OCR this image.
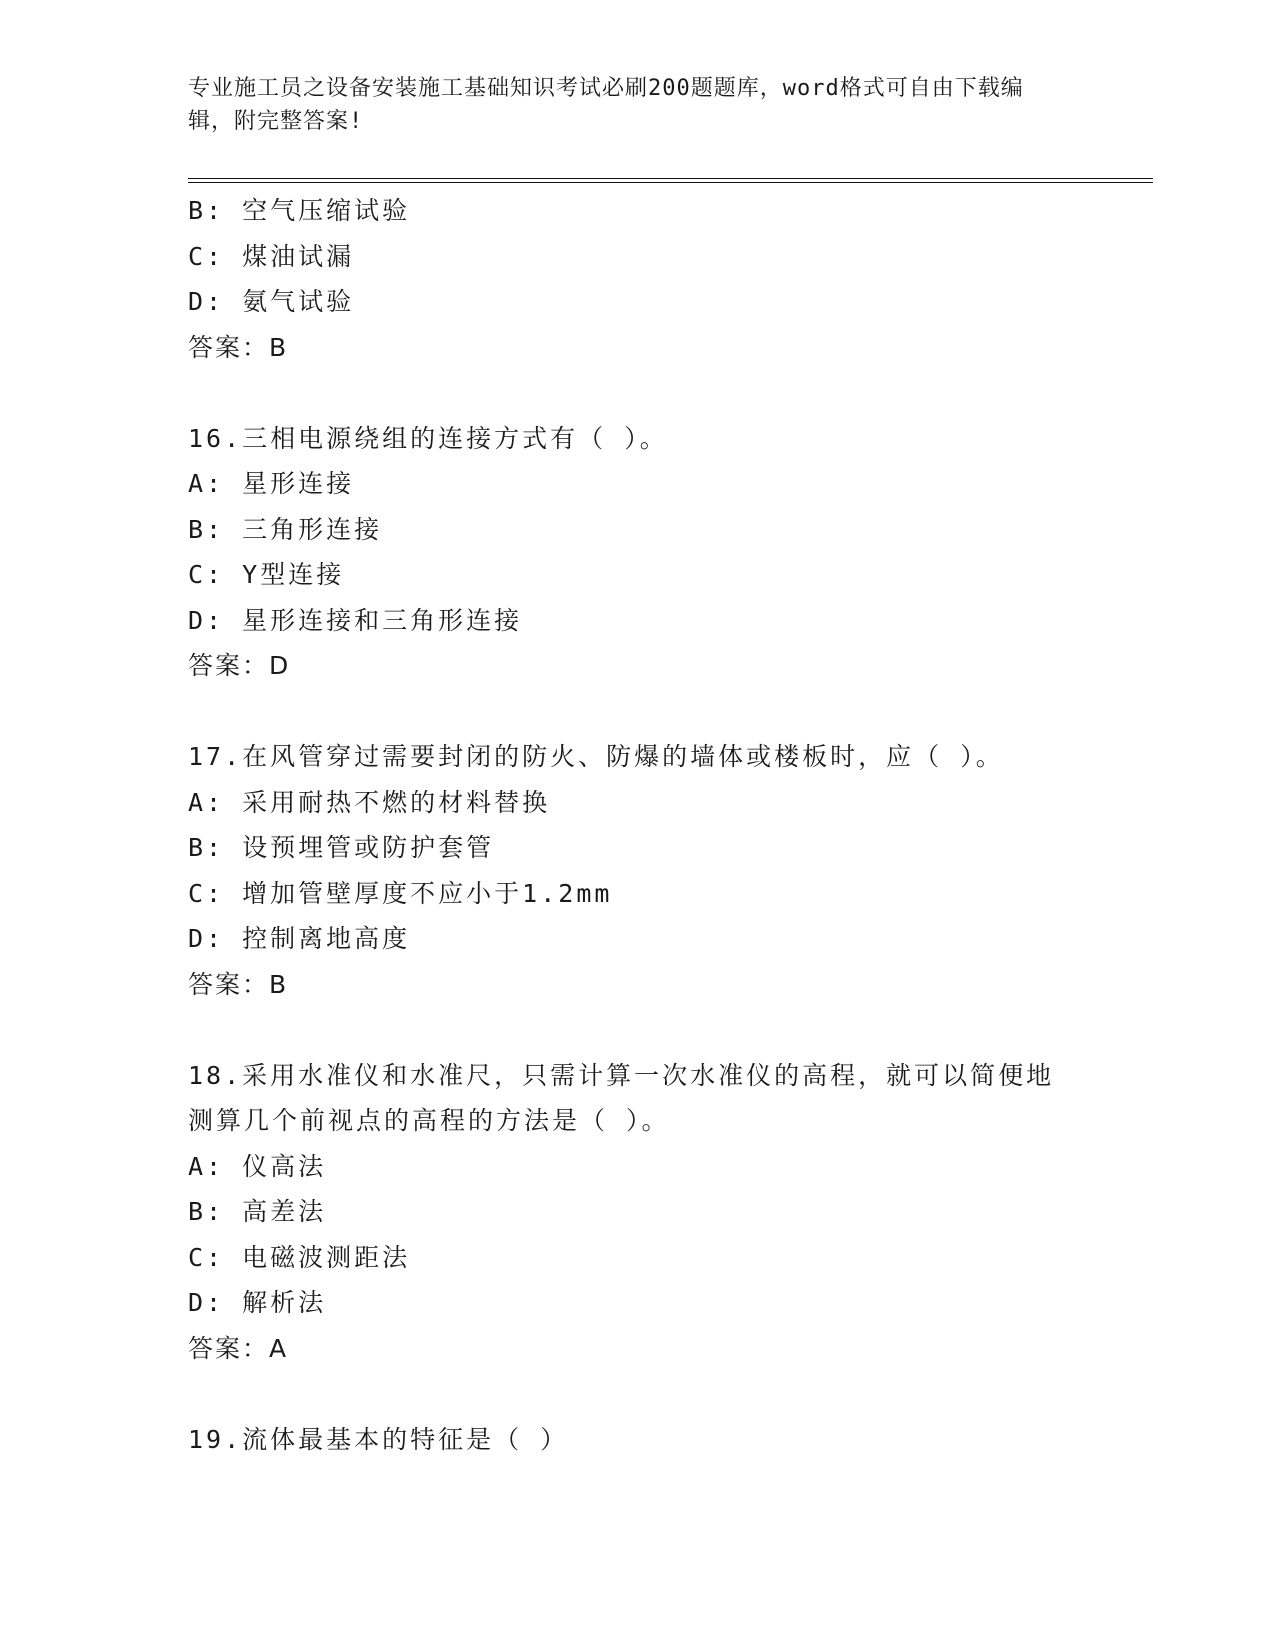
专业施工员之设备安装施工基础知识考试必刷200题题库，word格式可自由下载编辑，附完整答案!
B: 空气压缩试验
C: 煤油试漏
D: 氨气试验
答案：B
16.三相电源绕组的连接方式有（ ）。
A: 星形连接
B: 三角形连接
C: Y型连接
D: 星形连接和三角形连接
答案：D
17.在风管穿过需要封闭的防火、防爆的墙体或楼板时，应（ ）。
A: 采用耐热不燃的材料替换
B: 设预埋管或防护套管
C: 增加管壁厚度不应小于1.2mm
D: 控制离地高度
答案：B
18.采用水准仪和水准尺，只需计算一次水准仪的高程，就可以简便地测算几个前视点的高程的方法是（ ）。
A: 仪高法
B: 高差法
C: 电磁波测距法
D: 解析法
答案：A
19.流体最基本的特征是（ ）
